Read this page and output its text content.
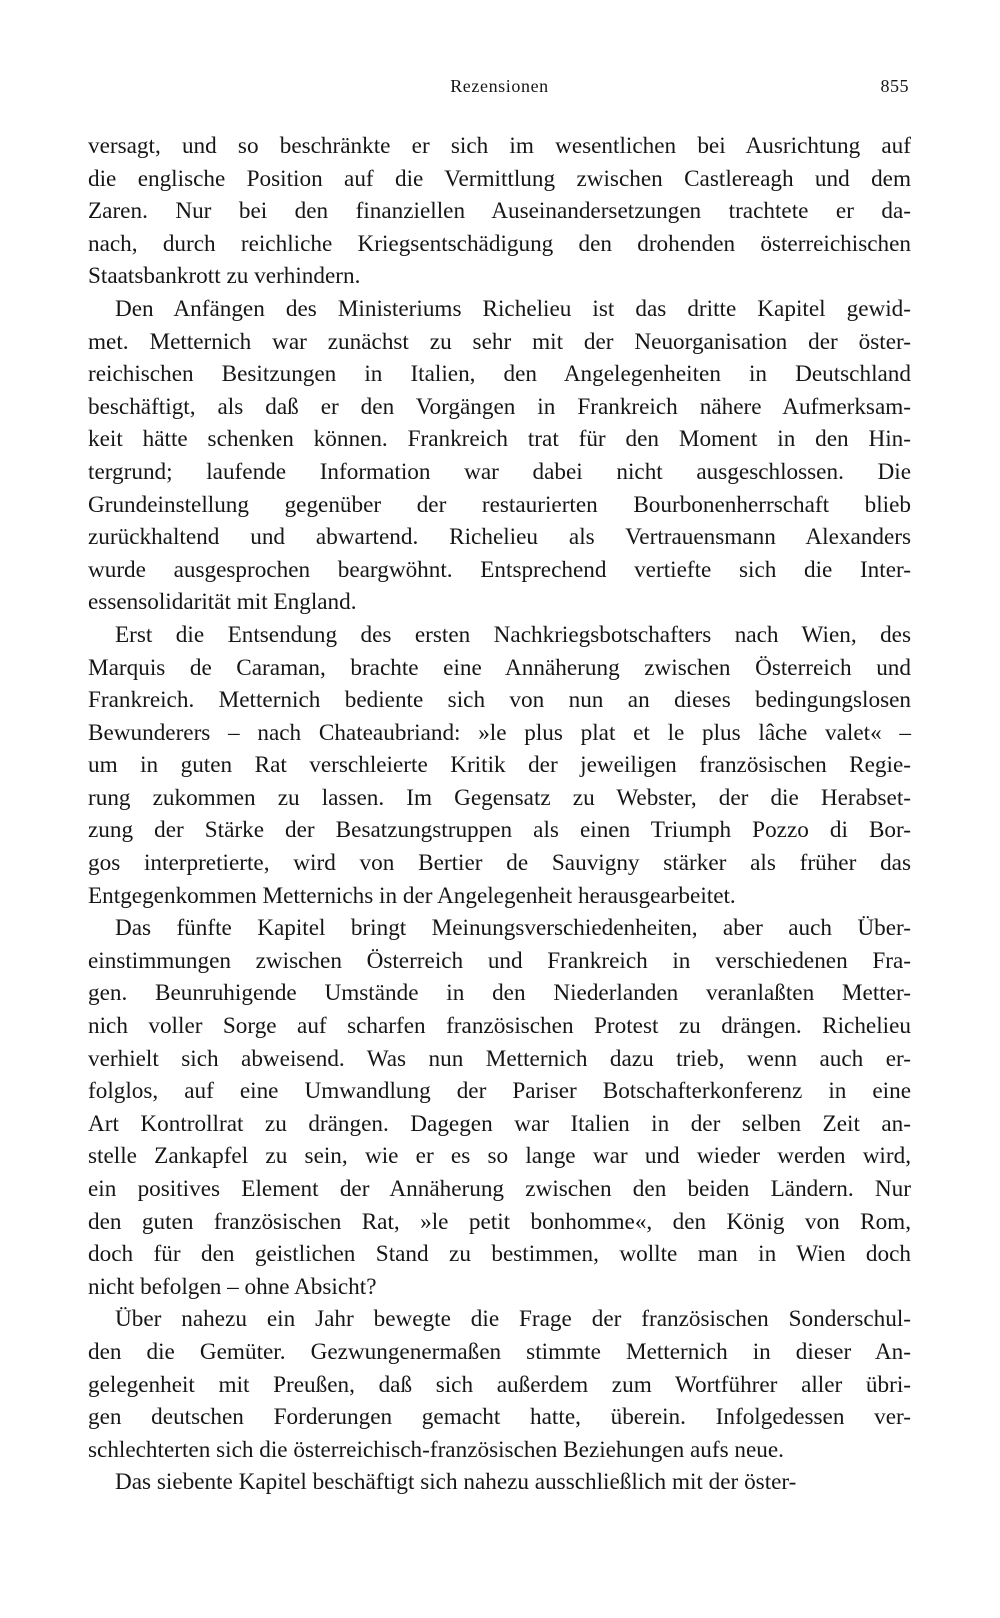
Rezensionen	855
versagt, und so beschränkte er sich im wesentlichen bei Ausrichtung auf
die englische Position auf die Vermittlung zwischen Castlereagh und dem
Zaren. Nur bei den finanziellen Auseinandersetzungen trachtete er da-
nach, durch reichliche Kriegsentschädigung den drohenden österreichischen
Staatsbankrott zu verhindern.
Den Anfängen des Ministeriums Richelieu ist das dritte Kapitel gewid-
met. Metternich war zunächst zu sehr mit der Neuorganisation der öster-
reichischen Besitzungen in Italien, den Angelegenheiten in Deutschland
beschäftigt, als daß er den Vorgängen in Frankreich nähere Aufmerksam-
keit hätte schenken können. Frankreich trat für den Moment in den Hin-
tergrund; laufende Information war dabei nicht ausgeschlossen. Die
Grundeinstellung gegenüber der restaurierten Bourbonenherrschaft blieb
zurückhaltend und abwartend. Richelieu als Vertrauensmann Alexanders
wurde ausgesprochen beargwöhnt. Entsprechend vertiefte sich die Inter-
essensolidarität mit England.
Erst die Entsendung des ersten Nachkriegsbotschafters nach Wien, des
Marquis de Caraman, brachte eine Annäherung zwischen Österreich und
Frankreich. Metternich bediente sich von nun an dieses bedingungslosen
Bewunderers – nach Chateaubriand: »le plus plat et le plus lâche valet« –
um in guten Rat verschleierte Kritik der jeweiligen französischen Regie-
rung zukommen zu lassen. Im Gegensatz zu Webster, der die Herabset-
zung der Stärke der Besatzungstruppen als einen Triumph Pozzo di Bor-
gos interpretierte, wird von Bertier de Sauvigny stärker als früher das
Entgegenkommen Metternichs in der Angelegenheit herausgearbeitet.
Das fünfte Kapitel bringt Meinungsverschiedenheiten, aber auch Über-
einstimmungen zwischen Österreich und Frankreich in verschiedenen Fra-
gen. Beunruhigende Umstände in den Niederlanden veranlaßten Metter-
nich voller Sorge auf scharfen französischen Protest zu drängen. Richelieu
verhielt sich abweisend. Was nun Metternich dazu trieb, wenn auch er-
folglos, auf eine Umwandlung der Pariser Botschafterkonferenz in eine
Art Kontrollrat zu drängen. Dagegen war Italien in der selben Zeit an-
stelle Zankapfel zu sein, wie er es so lange war und wieder werden wird,
ein positives Element der Annäherung zwischen den beiden Ländern. Nur
den guten französischen Rat, »le petit bonhomme«, den König von Rom,
doch für den geistlichen Stand zu bestimmen, wollte man in Wien doch
nicht befolgen – ohne Absicht?
Über nahezu ein Jahr bewegte die Frage der französischen Sonderschul-
den die Gemüter. Gezwungenermaßen stimmte Metternich in dieser An-
gelegenheit mit Preußen, daß sich außerdem zum Wortführer aller übri-
gen deutschen Forderungen gemacht hatte, überein. Infolgedessen ver-
schlechterten sich die österreichisch-französischen Beziehungen aufs neue.
Das siebente Kapitel beschäftigt sich nahezu ausschließlich mit der öster-
